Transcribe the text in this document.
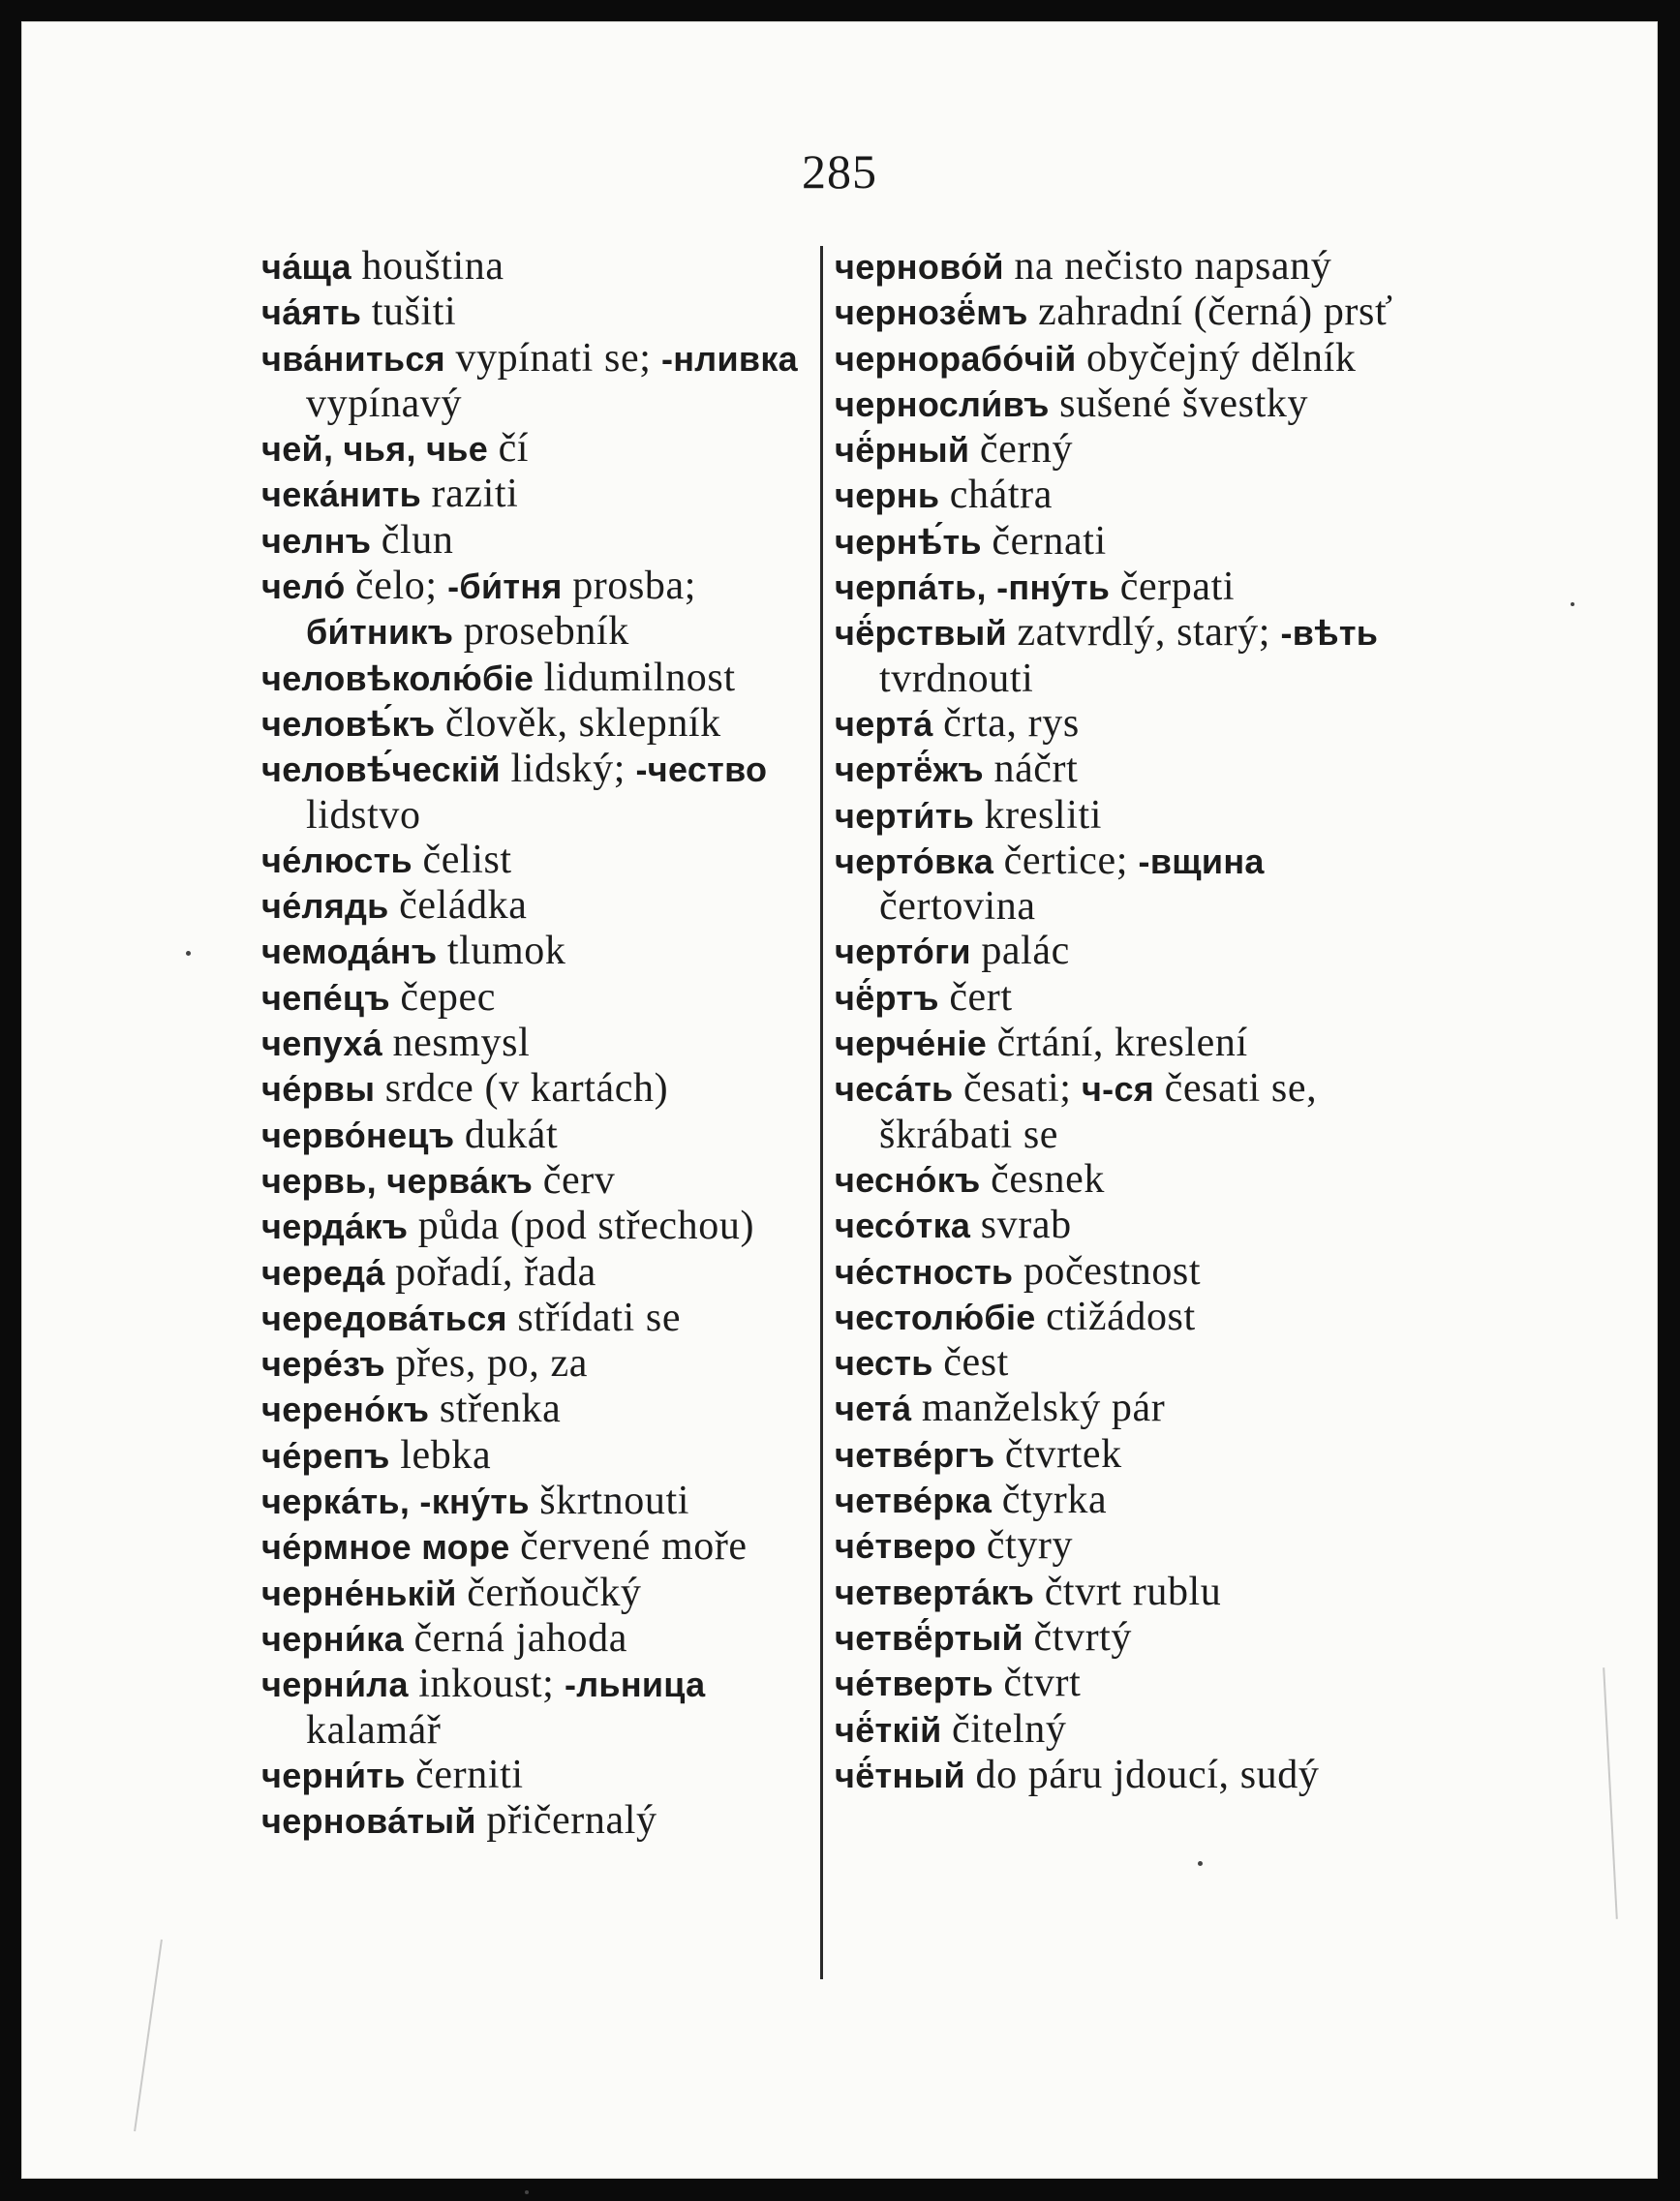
285

ча́ща houština

ча́ять tušiti

чва́ниться vypínati se; -нливка vypínavý

чей, чья, чье čí

чека́нить raziti

челнъ člun

чело́ čelo; -би́тня prosba; би́тникъ prosebník

человѣколю́біе lidumilnost

человѣ́къ člověk, sklepník

человѣ́ческій lidský; -чество lidstvo

че́люсть čelist

че́лядь čeládka

чемода́нъ tlumok

чепе́цъ čepec

чепуха́ nesmysl

че́рвы srdce (v kartách)

черво́нецъ dukát

червь, черва́къ červ

черда́къ půda (pod střechou)

череда́ pořadí, řada

чередова́ться střídati se

чере́зъ přes, po, za

черено́къ střenka

че́репъ lebka

черка́ть, -кну́ть škrtnouti

че́рмное море červené moře

черне́нькій čerňoučký

черни́ка černá jahoda

черни́ла inkoust; -льница kalamář

черни́ть černiti

чернова́тый přičernalý

черново́й na nečisto napsaný

чернозё́мъ zahradní (černá) prsť

чернорабо́чій obyčejný dělník

черносли́въ sušené švestky

чё́рный černý

чернь chátra

чернѣ́ть černati

черпа́ть, -пну́ть čerpati

чё́рствый zatvrdlý, starý; -вѣть tvrdnouti

черта́ črta, rys

чертё́жъ náčrt

черти́ть kresliti

черто́вка čertice; -вщина čertovina

черто́ги palác

чё́ртъ čert

черче́ніе črtání, kreslení

чеса́ть česati; ч-ся česati se, škrábati se

чесно́къ česnek

чесо́тка svrab

че́стность počestnost

честолю́біе ctižádost

честь čest

чета́ manželský pár

четве́ргъ čtvrtek

четве́рка čtyrka

че́тверо čtyry

четверта́къ čtvrt rublu

четвё́ртый čtvrtý

че́тверть čtvrt

чё́ткій čitelný

чё́тный do páru jdoucí, sudý
